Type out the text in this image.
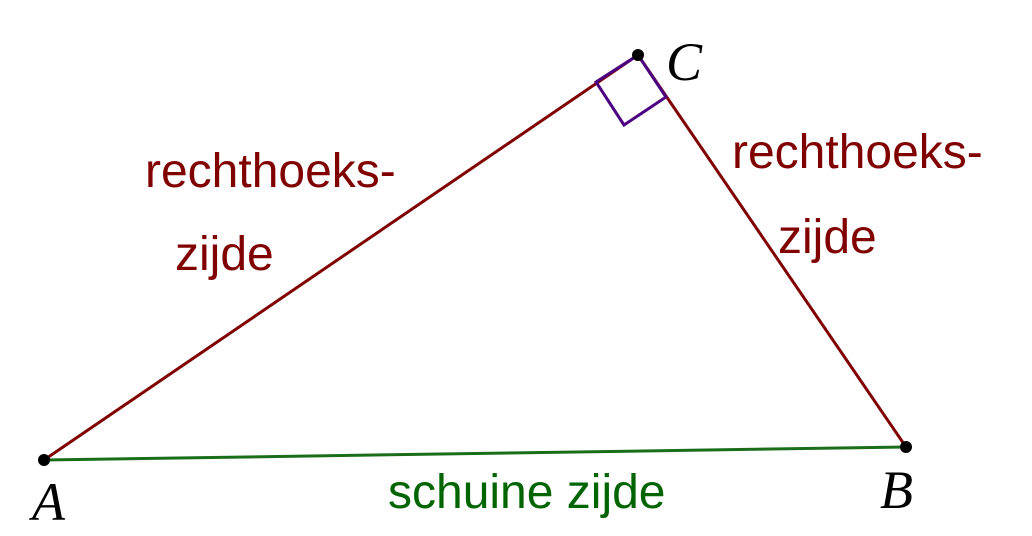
A	B
C
rechthoeks-
zijde
rechthoeks-
zijde
schuine zijde
